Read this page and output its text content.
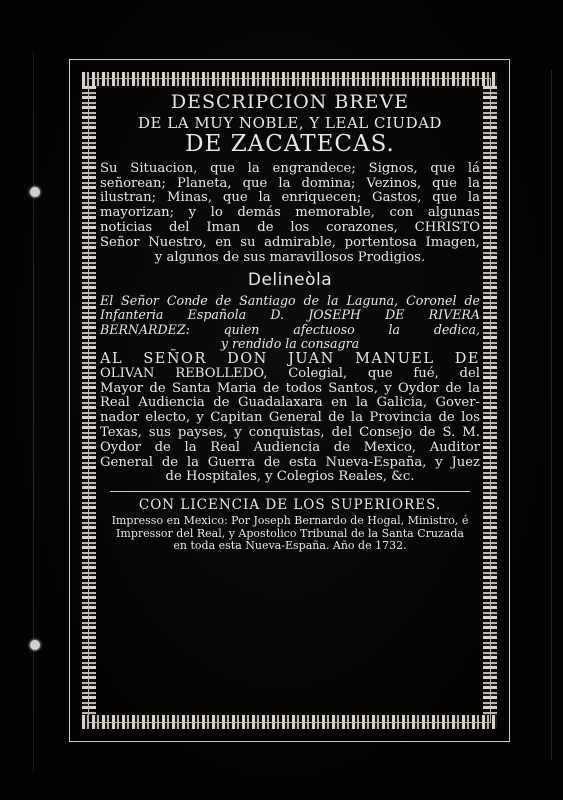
DESCRIPCION BREVE
DE LA MUY NOBLE, Y LEAL CIUDAD
DE ZACATECAS.
Su Situacion, que la engrandece; Signos, que lá
señorean; Planeta, que la domina; Vezinos, que la
ilustran; Minas, que la enriquecen; Gastos, que la
mayorizan; y lo demás memorable, con algunas
noticias del Iman de los corazones, CHRISTO
Señor Nuestro, en su admirable, portentosa Imagen,
y algunos de sus maravillosos Prodigios.
Delineòla
El Señor Conde de Santiago de la Laguna, Coronel de
Infanteria Española D. JOSEPH DE RIVERA
BERNARDEZ: quien afectuoso la dedica,
y rendido la consagra
AL SEÑOR DON JUAN MANUEL DE
OLIVAN REBOLLEDO, Colegial, que fué, del
Mayor de Santa Maria de todos Santos, y Oydor de la
Real Audiencia de Guadalaxara en la Galicia, Gover-
nador electo, y Capitan General de la Provincia de los
Texas, sus payses, y conquistas, del Consejo de S. M.
Oydor de la Real Audiencia de Mexico, Auditor
General de la Guerra de esta Nueva-España, y Juez
de Hospitales, y Colegios Reales, &c.
CON LICENCIA DE LOS SUPERIORES.
Impresso en Mexico: Por Joseph Bernardo de Hogal, Ministro, é
Impressor del Real, y Apostolico Tribunal de la Santa Cruzada
en toda esta Nueva-España. Año de 1732.
